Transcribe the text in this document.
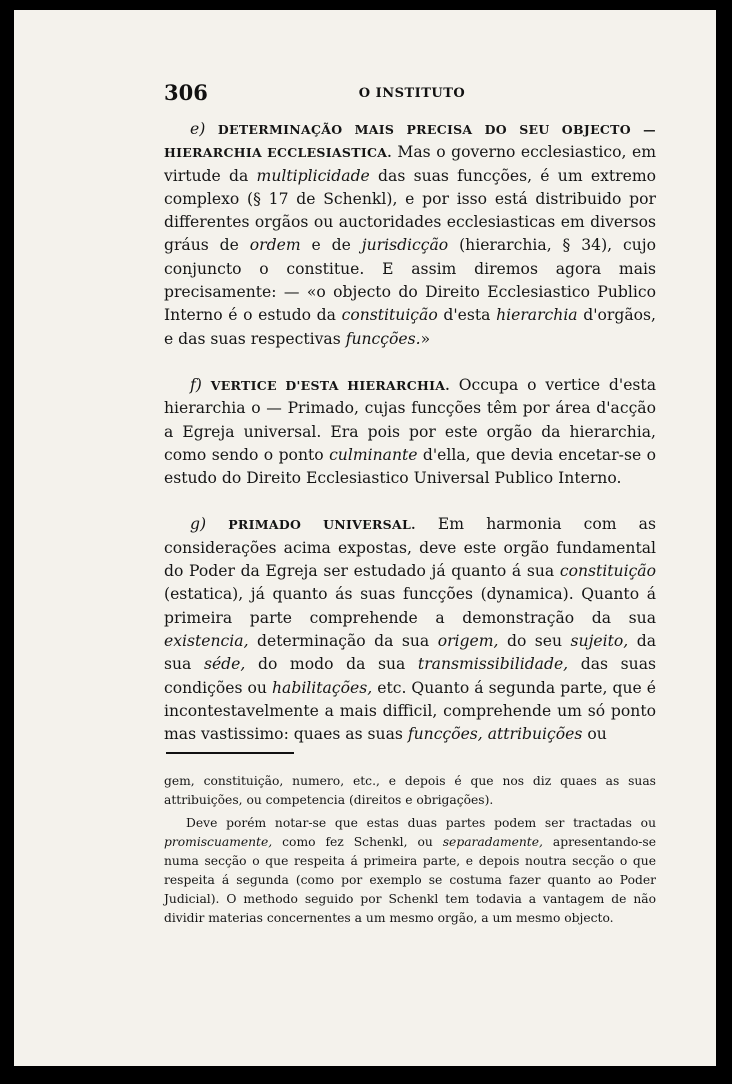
306	O INSTITUTO

e) DETERMINAÇÃO MAIS PRECISA DO SEU OBJECTO — HIERARCHIA ECCLESIASTICA. Mas o governo ecclesiastico, em virtude da multiplicidade das suas funcções, é um extremo complexo (§ 17 de Schenkl), e por isso está distribuido por differentes orgãos ou auctoridades ecclesiasticas em diversos gráus de ordem e de jurisdicção (hierarchia, § 34), cujo conjuncto o constitue. E assim diremos agora mais precisamente: — «o objecto do Direito Ecclesiastico Publico Interno é o estudo da constituição d'esta hierarchia d'orgãos, e das suas respectivas funcções.»

f) VERTICE D'ESTA HIERARCHIA. Occupa o vertice d'esta hierarchia o — Primado, cujas funcções têm por área d'acção a Egreja universal. Era pois por este orgão da hierarchia, como sendo o ponto culminante d'ella, que devia encetar-se o estudo do Direito Ecclesiastico Universal Publico Interno.

g) PRIMADO UNIVERSAL. Em harmonia com as considerações acima expostas, deve este orgão fundamental do Poder da Egreja ser estudado já quanto á sua constituição (estatica), já quanto ás suas funcções (dynamica). Quanto á primeira parte comprehende a demonstração da sua existencia, determinação da sua origem, do seu sujeito, da sua séde, do modo da sua transmissibilidade, das suas condições ou habilitações, etc. Quanto á segunda parte, que é incontestavelmente a mais difficil, comprehende um só ponto mas vastissimo: quaes as suas funcções, attribuições ou

gem, constituição, numero, etc., e depois é que nos diz quaes as suas attribuições, ou competencia (direitos e obrigações).

Deve porém notar-se que estas duas partes podem ser tractadas ou promiscuamente, como fez Schenkl, ou separadamente, apresentando-se numa secção o que respeita á primeira parte, e depois noutra secção o que respeita á segunda (como por exemplo se costuma fazer quanto ao Poder Judicial). O methodo seguido por Schenkl tem todavia a vantagem de não dividir materias concernentes a um mesmo orgão, a um mesmo objecto.
